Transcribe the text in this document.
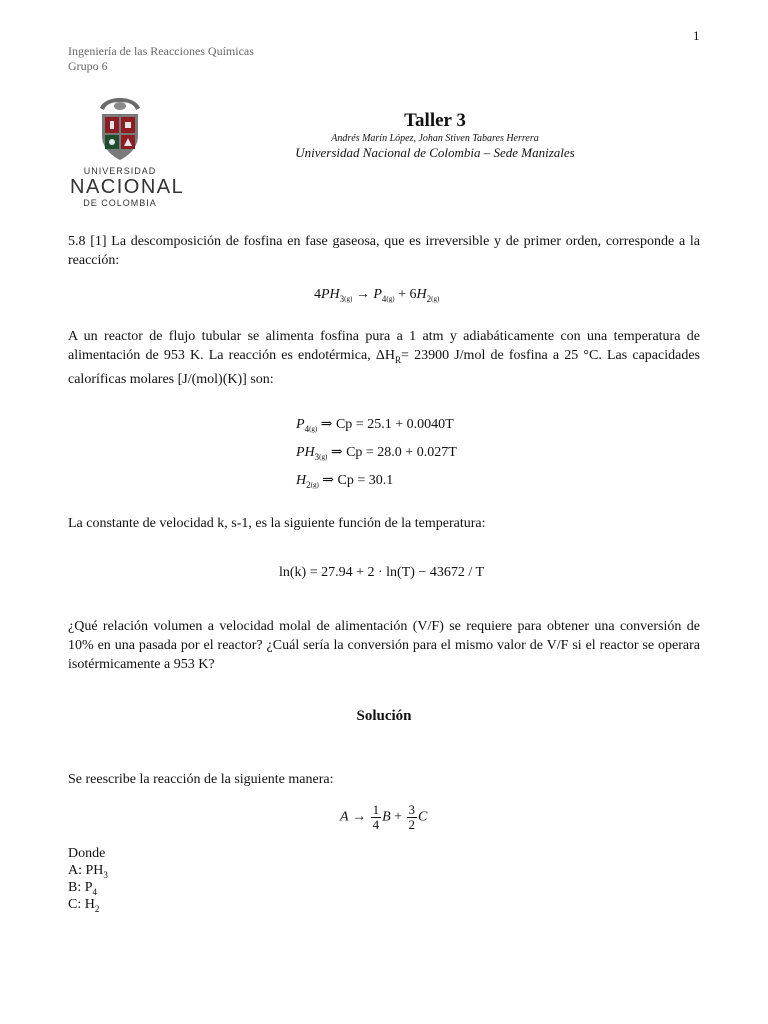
1
Ingeniería de las Reacciones Químicas
Grupo 6
UNIVERSIDAD
NACIONAL
DE COLOMBIA
Taller 3
Andrés Marín López, Johan Stiven Tabares Herrera
Universidad Nacional de Colombia – Sede Manizales
5.8 [1] La descomposición de fosfina en fase gaseosa, que es irreversible y de primer orden, corresponde a la reacción:
$4PH_{3(g)} \to P_{4(g)} + 6H_{2(g)}$
A un reactor de flujo tubular se alimenta fosfina pura a 1 atm y adiabáticamente con una temperatura de alimentación de 953 K. La reacción es endotérmica, $\Delta H_R= 23900$ J/mol de fosfina a 25 °C. Las capacidades caloríficas molares [J/(mol)(K)] son:
$P_{4(g)}$ ⇒ Cp = 25.1 + 0.0040T
$PH_{3(g)}$ ⇒ Cp = 28.0 + 0.027T
$H_{2(g)}$ ⇒ Cp = 30.1
La constante de velocidad k, s-1, es la siguiente función de la temperatura:
ln(k) = 27.94 + 2 · ln(T) − 43672 / T
¿Qué relación volumen a velocidad molal de alimentación (V/F) se requiere para obtener una conversión de 10% en una pasada por el reactor? ¿Cuál sería la conversión para el mismo valor de V/F si el reactor se operara isotérmicamente a 953 K?
Solución
Se reescribe la reacción de la siguiente manera:
$A \to \frac{1}{4}$ $B + \frac{3}{2}$ C
Donde
A: $PH_3$
B: $P_4$
C: $H_2$
